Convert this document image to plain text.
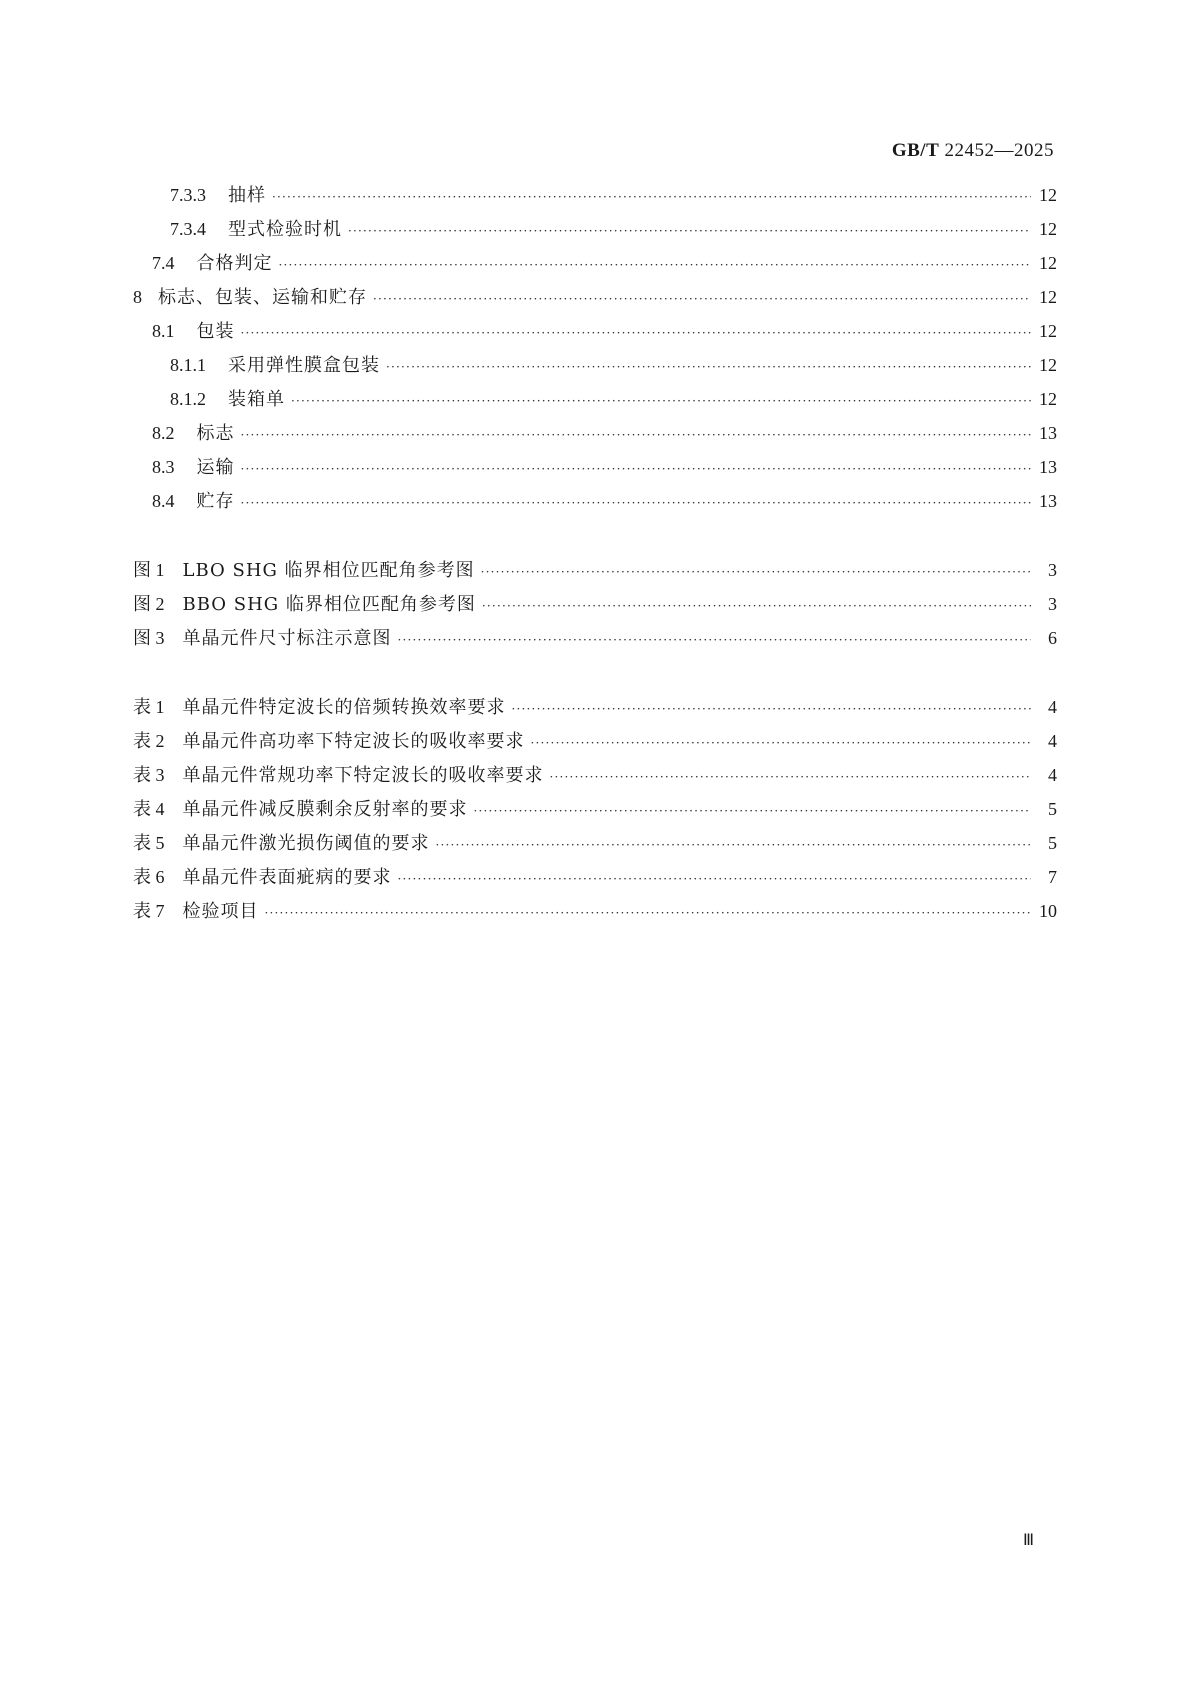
GB/T 22452—2025
7.3.3	抽样 ·····	12
7.3.4	型式检验时机 ·····	12
7.4	合格判定 ·····	12
8 标志、包装、运输和贮存 ·····	12
8.1	包装 ·····	12
8.1.1	采用弹性膜盒包装 ·····	12
8.1.2	装箱单 ·····	12
8.2	标志 ·····	13
8.3	运输 ·····	13
8.4	贮存 ·····	13
图 1	LBO SHG 临界相位匹配角参考图 ·····	3
图 2	BBO SHG 临界相位匹配角参考图 ·····	3
图 3	单晶元件尺寸标注示意图 ·····	6
表 1	单晶元件特定波长的倍频转换效率要求 ·····	4
表 2	单晶元件高功率下特定波长的吸收率要求 ·····	4
表 3	单晶元件常规功率下特定波长的吸收率要求 ·····	4
表 4	单晶元件减反膜剩余反射率的要求 ·····	5
表 5	单晶元件激光损伤阈值的要求 ·····	5
表 6	单晶元件表面疵病的要求 ·····	7
表 7	检验项目 ·····	10
Ⅲ
